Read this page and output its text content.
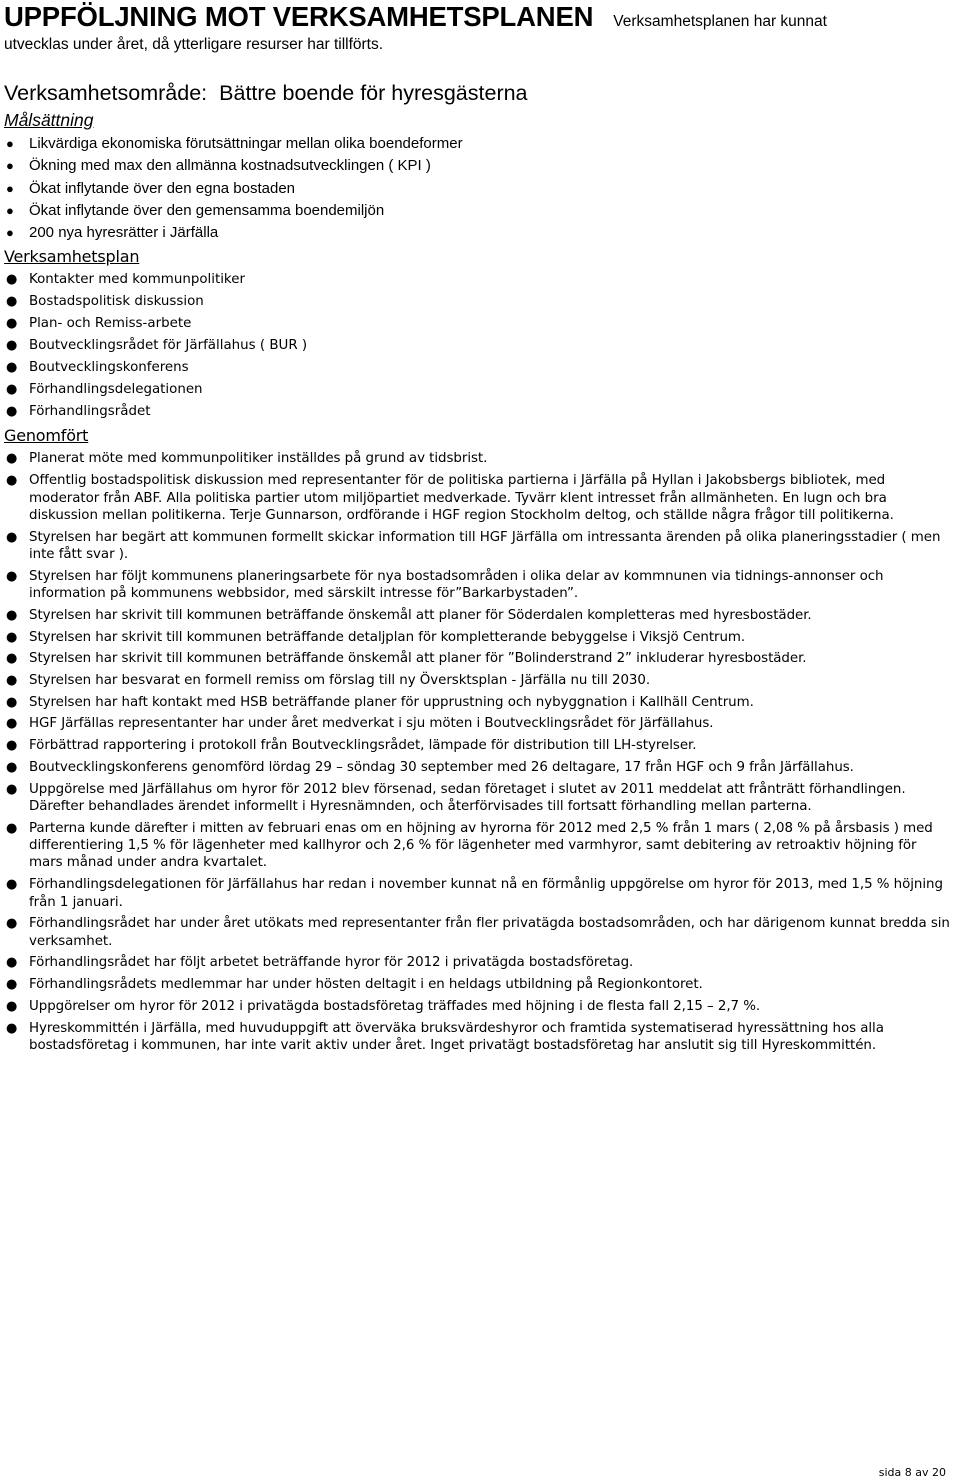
UPPFÖLJNING MOT VERKSAMHETSPLANEN Verksamhetsplanen har kunnat
utvecklas under året, då ytterligare resurser har tillförts.
Verksamhetsområde: Bättre boende för hyresgästerna
Målsättning
● Likvärdiga ekonomiska förutsättningar mellan olika boendeformer
● Ökning med max den allmänna kostnadsutvecklingen ( KPI )
● Ökat inflytande över den egna bostaden
● Ökat inflytande över den gemensamma boendemiljön
● 200 nya hyresrätter i Järfälla
Verksamhetsplan
● Kontakter med kommunpolitiker
● Bostadspolitisk diskussion
● Plan- och Remiss-arbete
● Boutvecklingsrådet för Järfällahus ( BUR )
● Boutvecklingskonferens
● Förhandlingsdelegationen
● Förhandlingsrådet
Genomfört
● Planerat möte med kommunpolitiker inställdes på grund av tidsbrist.
● Offentlig bostadspolitisk diskussion med representanter för de politiska partierna i Järfälla på Hyllan i Jakobsbergs bibliotek, med moderator från ABF. Alla politiska partier utom miljöpartiet medverkade. Tyvärr klent intresset från allmänheten. En lugn och bra diskussion mellan politikerna. Terje Gunnarson, ordförande i HGF region Stockholm deltog, och ställde några frågor till politikerna.
● Styrelsen har begärt att kommunen formellt skickar information till HGF Järfälla om intressanta ärenden på olika planeringsstadier ( men inte fått svar ).
● Styrelsen har följt kommunens planeringsarbete för nya bostadsområden i olika delar av kommnunen via tidnings-annonser och information på kommunens webbsidor, med särskilt intresse för”Barkarbystaden”.
● Styrelsen har skrivit till kommunen beträffande önskemål att planer för Söderdalen kompletteras med hyresbostäder.
● Styrelsen har skrivit till kommunen beträffande detaljplan för kompletterande bebyggelse i Viksjö Centrum.
● Styrelsen har skrivit till kommunen beträffande önskemål att planer för ”Bolinderstrand 2” inkluderar hyresbostäder.
● Styrelsen har besvarat en formell remiss om förslag till ny Översktsplan - Järfälla nu till 2030.
● Styrelsen har haft kontakt med HSB beträffande planer för upprustning och nybyggnation i Kallhäll Centrum.
● HGF Järfällas representanter har under året medverkat i sju möten i Boutvecklingsrådet för Järfällahus.
● Förbättrad rapportering i protokoll från Boutvecklingsrådet, lämpade för distribution till LH-styrelser.
● Boutvecklingskonferens genomförd lördag 29 – söndag 30 september med 26 deltagare, 17 från HGF och 9 från Järfällahus.
● Uppgörelse med Järfällahus om hyror för 2012 blev försenad, sedan företaget i slutet av 2011 meddelat att frånträtt förhandlingen. Därefter behandlades ärendet informellt i Hyresnämnden, och återförvisades till fortsatt förhandling mellan parterna.
● Parterna kunde därefter i mitten av februari enas om en höjning av hyrorna för 2012 med 2,5 % från 1 mars ( 2,08 % på årsbasis ) med differentiering 1,5 % för lägenheter med kallhyror och 2,6 % för lägenheter med varmhyror, samt debitering av retroaktiv höjning för mars månad under andra kvartalet.
● Förhandlingsdelegationen för Järfällahus har redan i november kunnat nå en förmånlig uppgörelse om hyror för 2013, med 1,5 % höjning från 1 januari.
● Förhandlingsrådet har under året utökats med representanter från fler privatägda bostadsområden, och har därigenom kunnat bredda sin verksamhet.
● Förhandlingsrådet har följt arbetet beträffande hyror för 2012 i privatägda bostadsföretag.
● Förhandlingsrådets medlemmar har under hösten deltagit i en heldags utbildning på Regionkontoret.
● Uppgörelser om hyror för 2012 i privatägda bostadsföretag träffades med höjning i de flesta fall 2,15 – 2,7 %.
● Hyreskommittén i Järfälla, med huvuduppgift att överväka bruksvärdeshyror och framtida systematiserad hyressättning hos alla bostadsföretag i kommunen, har inte varit aktiv under året. Inget privatägt bostadsföretag har anslutit sig till Hyreskommittén.
sida 8 av 20
